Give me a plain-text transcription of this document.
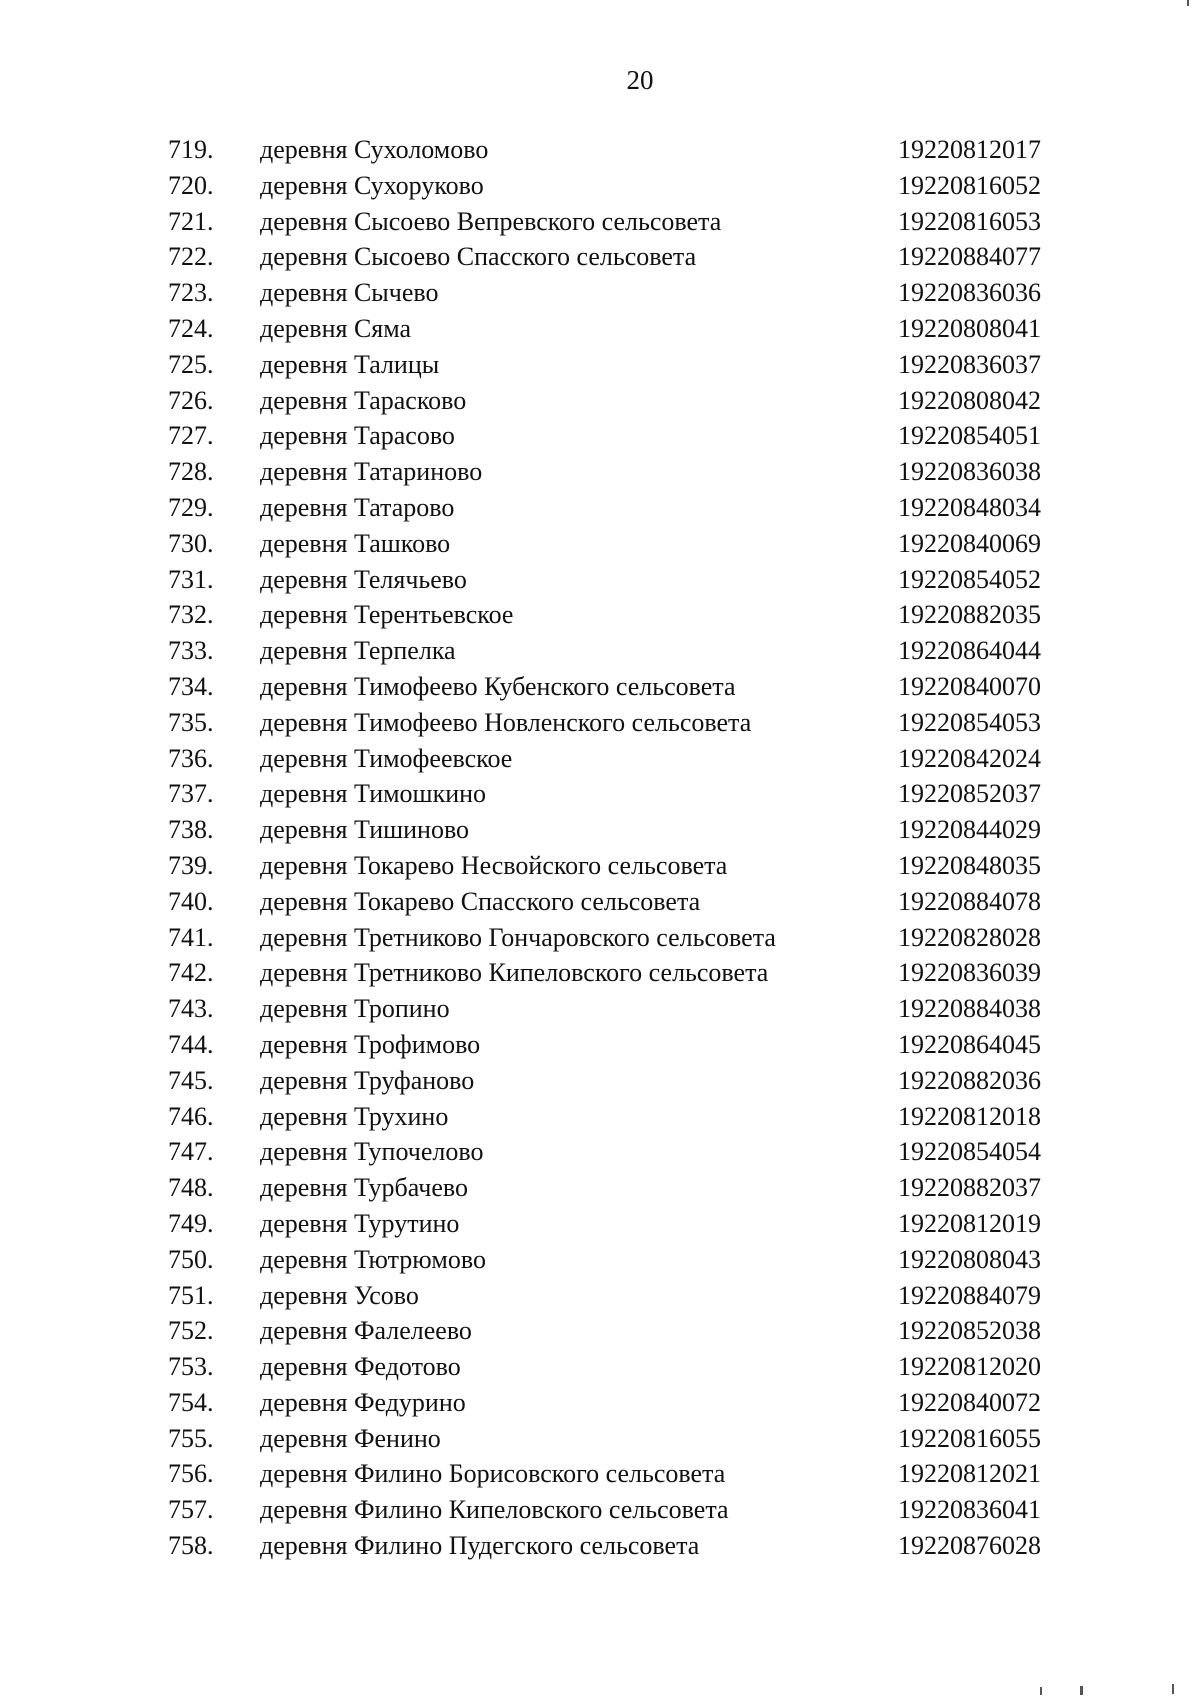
20
719. деревня Сухоломово	19220812017
720. деревня Сухоруково	19220816052
721. деревня Сысоево Вепревского сельсовета	19220816053
722. деревня Сысоево Спасского сельсовета	19220884077
723. деревня Сычево	19220836036
724. деревня Сяма	19220808041
725. деревня Талицы	19220836037
726. деревня Тарасково	19220808042
727. деревня Тарасово	19220854051
728. деревня Татариново	19220836038
729. деревня Татарово	19220848034
730. деревня Ташково	19220840069
731. деревня Телячьево	19220854052
732. деревня Терентьевское	19220882035
733. деревня Терпелка	19220864044
734. деревня Тимофеево Кубенского сельсовета	19220840070
735. деревня Тимофеево Новленского сельсовета	19220854053
736. деревня Тимофеевское	19220842024
737. деревня Тимошкино	19220852037
738. деревня Тишиново	19220844029
739. деревня Токарево Несвойского сельсовета	19220848035
740. деревня Токарево Спасского сельсовета	19220884078
741. деревня Третниково Гончаровского сельсовета	19220828028
742. деревня Третниково Кипеловского сельсовета	19220836039
743. деревня Тропино	19220884038
744. деревня Трофимово	19220864045
745. деревня Труфаново	19220882036
746. деревня Трухино	19220812018
747. деревня Тупочелово	19220854054
748. деревня Турбачево	19220882037
749. деревня Турутино	19220812019
750. деревня Тютрюмово	19220808043
751. деревня Усово	19220884079
752. деревня Фалелеево	19220852038
753. деревня Федотово	19220812020
754. деревня Федурино	19220840072
755. деревня Фенино	19220816055
756. деревня Филино Борисовского сельсовета	19220812021
757. деревня Филино Кипеловского сельсовета	19220836041
758. деревня Филино Пудегского сельсовета	19220876028
